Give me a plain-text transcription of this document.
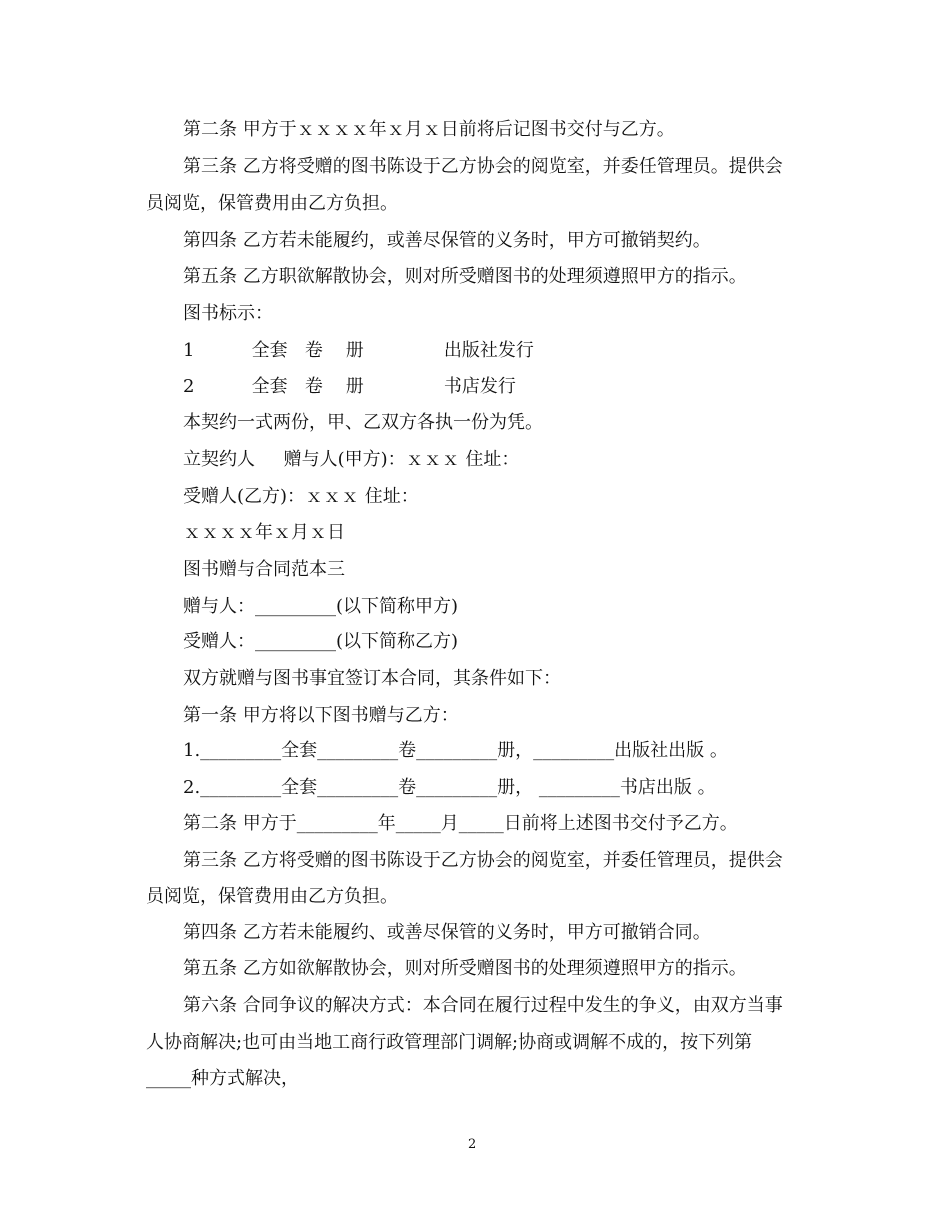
第二条 甲方于ｘｘｘｘ年ｘ月ｘ日前将后记图书交付与乙方。
第三条 乙方将受赠的图书陈设于乙方协会的阅览室，并委任管理员。提供会
员阅览，保管费用由乙方负担。
第四条 乙方若未能履约，或善尽保管的义务时，甲方可撤销契约。
第五条 乙方职欲解散协会，则对所受赠图书的处理须遵照甲方的指示。
图书标示：
1          全套   卷    册              出版社发行
2          全套   卷    册              书店发行
本契约一式两份，甲、乙双方各执一份为凭。
立契约人     赠与人(甲方)：ｘｘｘ 住址：
受赠人(乙方)：ｘｘｘ 住址：
ｘｘｘｘ年ｘ月ｘ日
图书赠与合同范本三
赠与人：_________(以下简称甲方)
受赠人：_________(以下简称乙方)
双方就赠与图书事宜签订本合同，其条件如下：
第一条 甲方将以下图书赠与乙方：
1._________全套_________卷_________册，_________出版社出版 。
2._________全套_________卷_________册， _________书店出版 。
第二条 甲方于_________年_____月_____日前将上述图书交付予乙方。
第三条 乙方将受赠的图书陈设于乙方协会的阅览室，并委任管理员，提供会
员阅览，保管费用由乙方负担。
第四条 乙方若未能履约、或善尽保管的义务时，甲方可撤销合同。
第五条 乙方如欲解散协会，则对所受赠图书的处理须遵照甲方的指示。
第六条 合同争议的解决方式：本合同在履行过程中发生的争义，由双方当事
人协商解决;也可由当地工商行政管理部门调解;协商或调解不成的，按下列第
_____种方式解决，
2
